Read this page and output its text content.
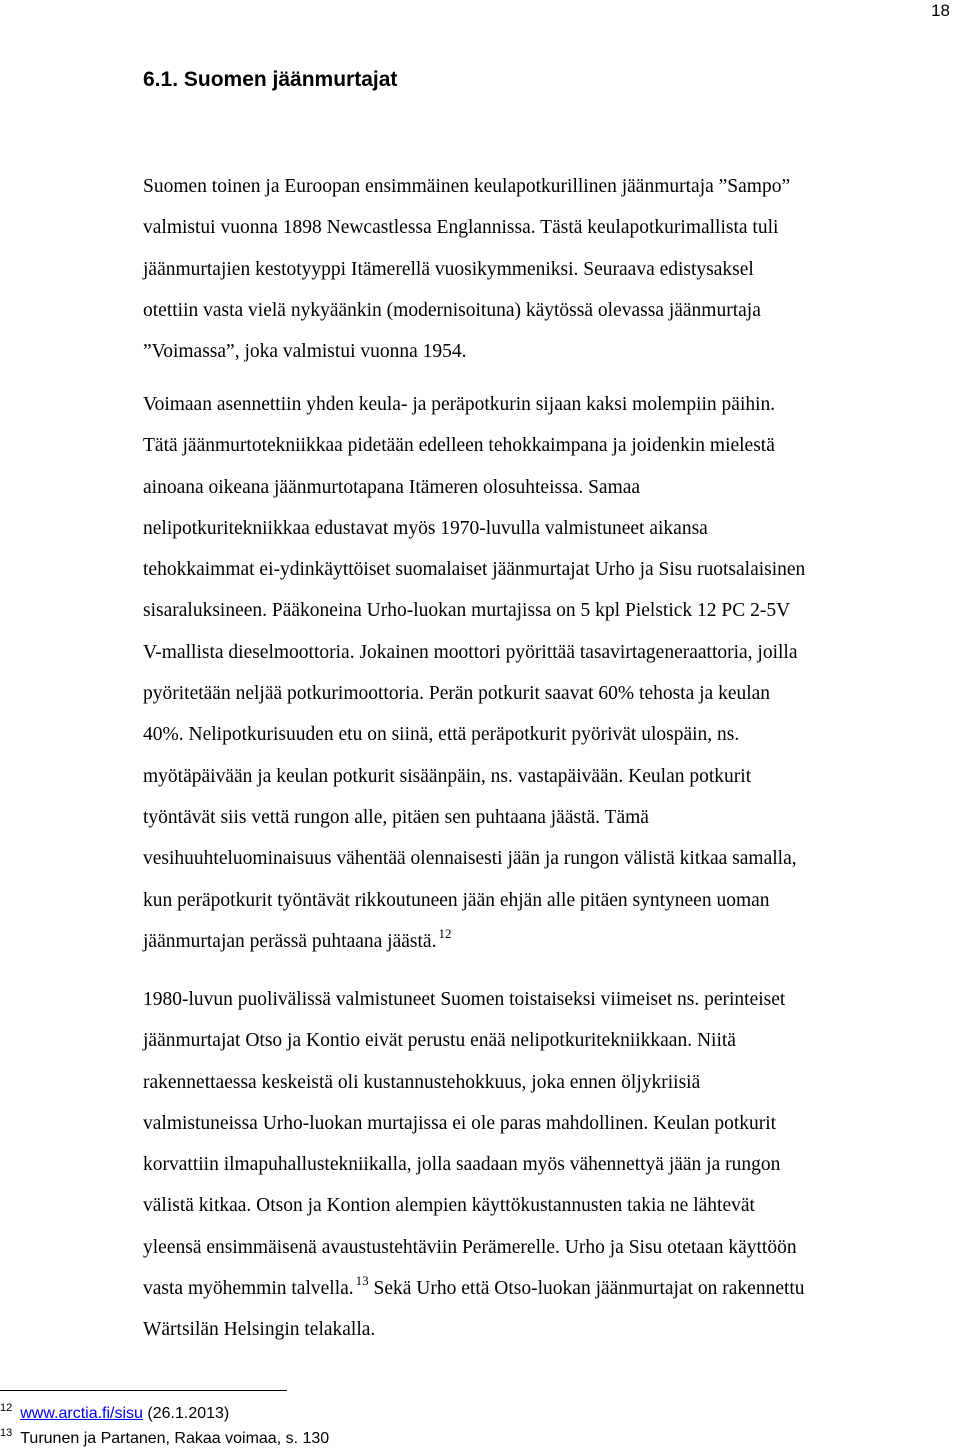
18
6.1. Suomen jäänmurtajat

Suomen toinen ja Euroopan ensimmäinen keulapotkurillinen jäänmurtaja ”Sampo”
valmistui vuonna 1898 Newcastlessa Englannissa. Tästä keulapotkurimallista tuli
jäänmurtajien kestotyyppi Itämerellä vuosikymmeniksi. Seuraava edistysaksel
otettiin vasta vielä nykyäänkin (modernisoituna) käytössä olevassa jäänmurtaja
”Voimassa”, joka valmistui vuonna 1954.

Voimaan asennettiin yhden keula- ja peräpotkurin sijaan kaksi molempiin päihin.
Tätä jäänmurtotekniikkaa pidetään edelleen tehokkaimpana ja joidenkin mielestä
ainoana oikeana jäänmurtotapana Itämeren olosuhteissa. Samaa
nelipotkuritekniikkaa edustavat myös 1970-luvulla valmistuneet aikansa
tehokkaimmat ei-ydinkäyttöiset suomalaiset jäänmurtajat Urho ja Sisu ruotsalaisinen
sisaraluksineen. Pääkoneina Urho-luokan murtajissa on 5 kpl Pielstick 12 PC 2-5V
V-mallista dieselmoottoria. Jokainen moottori pyörittää tasavirtageneraattoria, joilla
pyöritetään neljää potkurimoottoria. Perän potkurit saavat 60% tehosta ja keulan
40%. Nelipotkurisuuden etu on siinä, että peräpotkurit pyörivät ulospäin, ns.
myötäpäivään ja keulan potkurit sisäänpäin, ns. vastapäivään. Keulan potkurit
työntävät siis vettä rungon alle, pitäen sen puhtaana jäästä. Tämä
vesihuuhteluominaisuus vähentää olennaisesti jään ja rungon välistä kitkaa samalla,
kun peräpotkurit työntävät rikkoutuneen jään ehjän alle pitäen syntyneen uoman
jäänmurtajan perässä puhtaana jäästä. $^{12}$

1980-luvun puolivälissä valmistuneet Suomen toistaiseksi viimeiset ns. perinteiset
jäänmurtajat Otso ja Kontio eivät perustu enää nelipotkuritekniikkaan. Niitä
rakennettaessa keskeistä oli kustannustehokkuus, joka ennen öljykriisiä
valmistuneissa Urho-luokan murtajissa ei ole paras mahdollinen. Keulan potkurit
korvattiin ilmapuhallustekniikalla, jolla saadaan myös vähennettyä jään ja rungon
välistä kitkaa. Otson ja Kontion alempien käyttökustannusten takia ne lähtevät
yleensä ensimmäisenä avaustustehtäviin Perämerelle. Urho ja Sisu otetaan käyttöön
vasta myöhemmin talvella. $^{13}$ Sekä Urho että Otso-luokan jäänmurtajat on rakennettu
Wärtsilän Helsingin telakalla.

$^{12}$ www.arctia.fi/sisu (26.1.2013)
$^{13}$ Turunen ja Partanen, Rakaa voimaa, s. 130
